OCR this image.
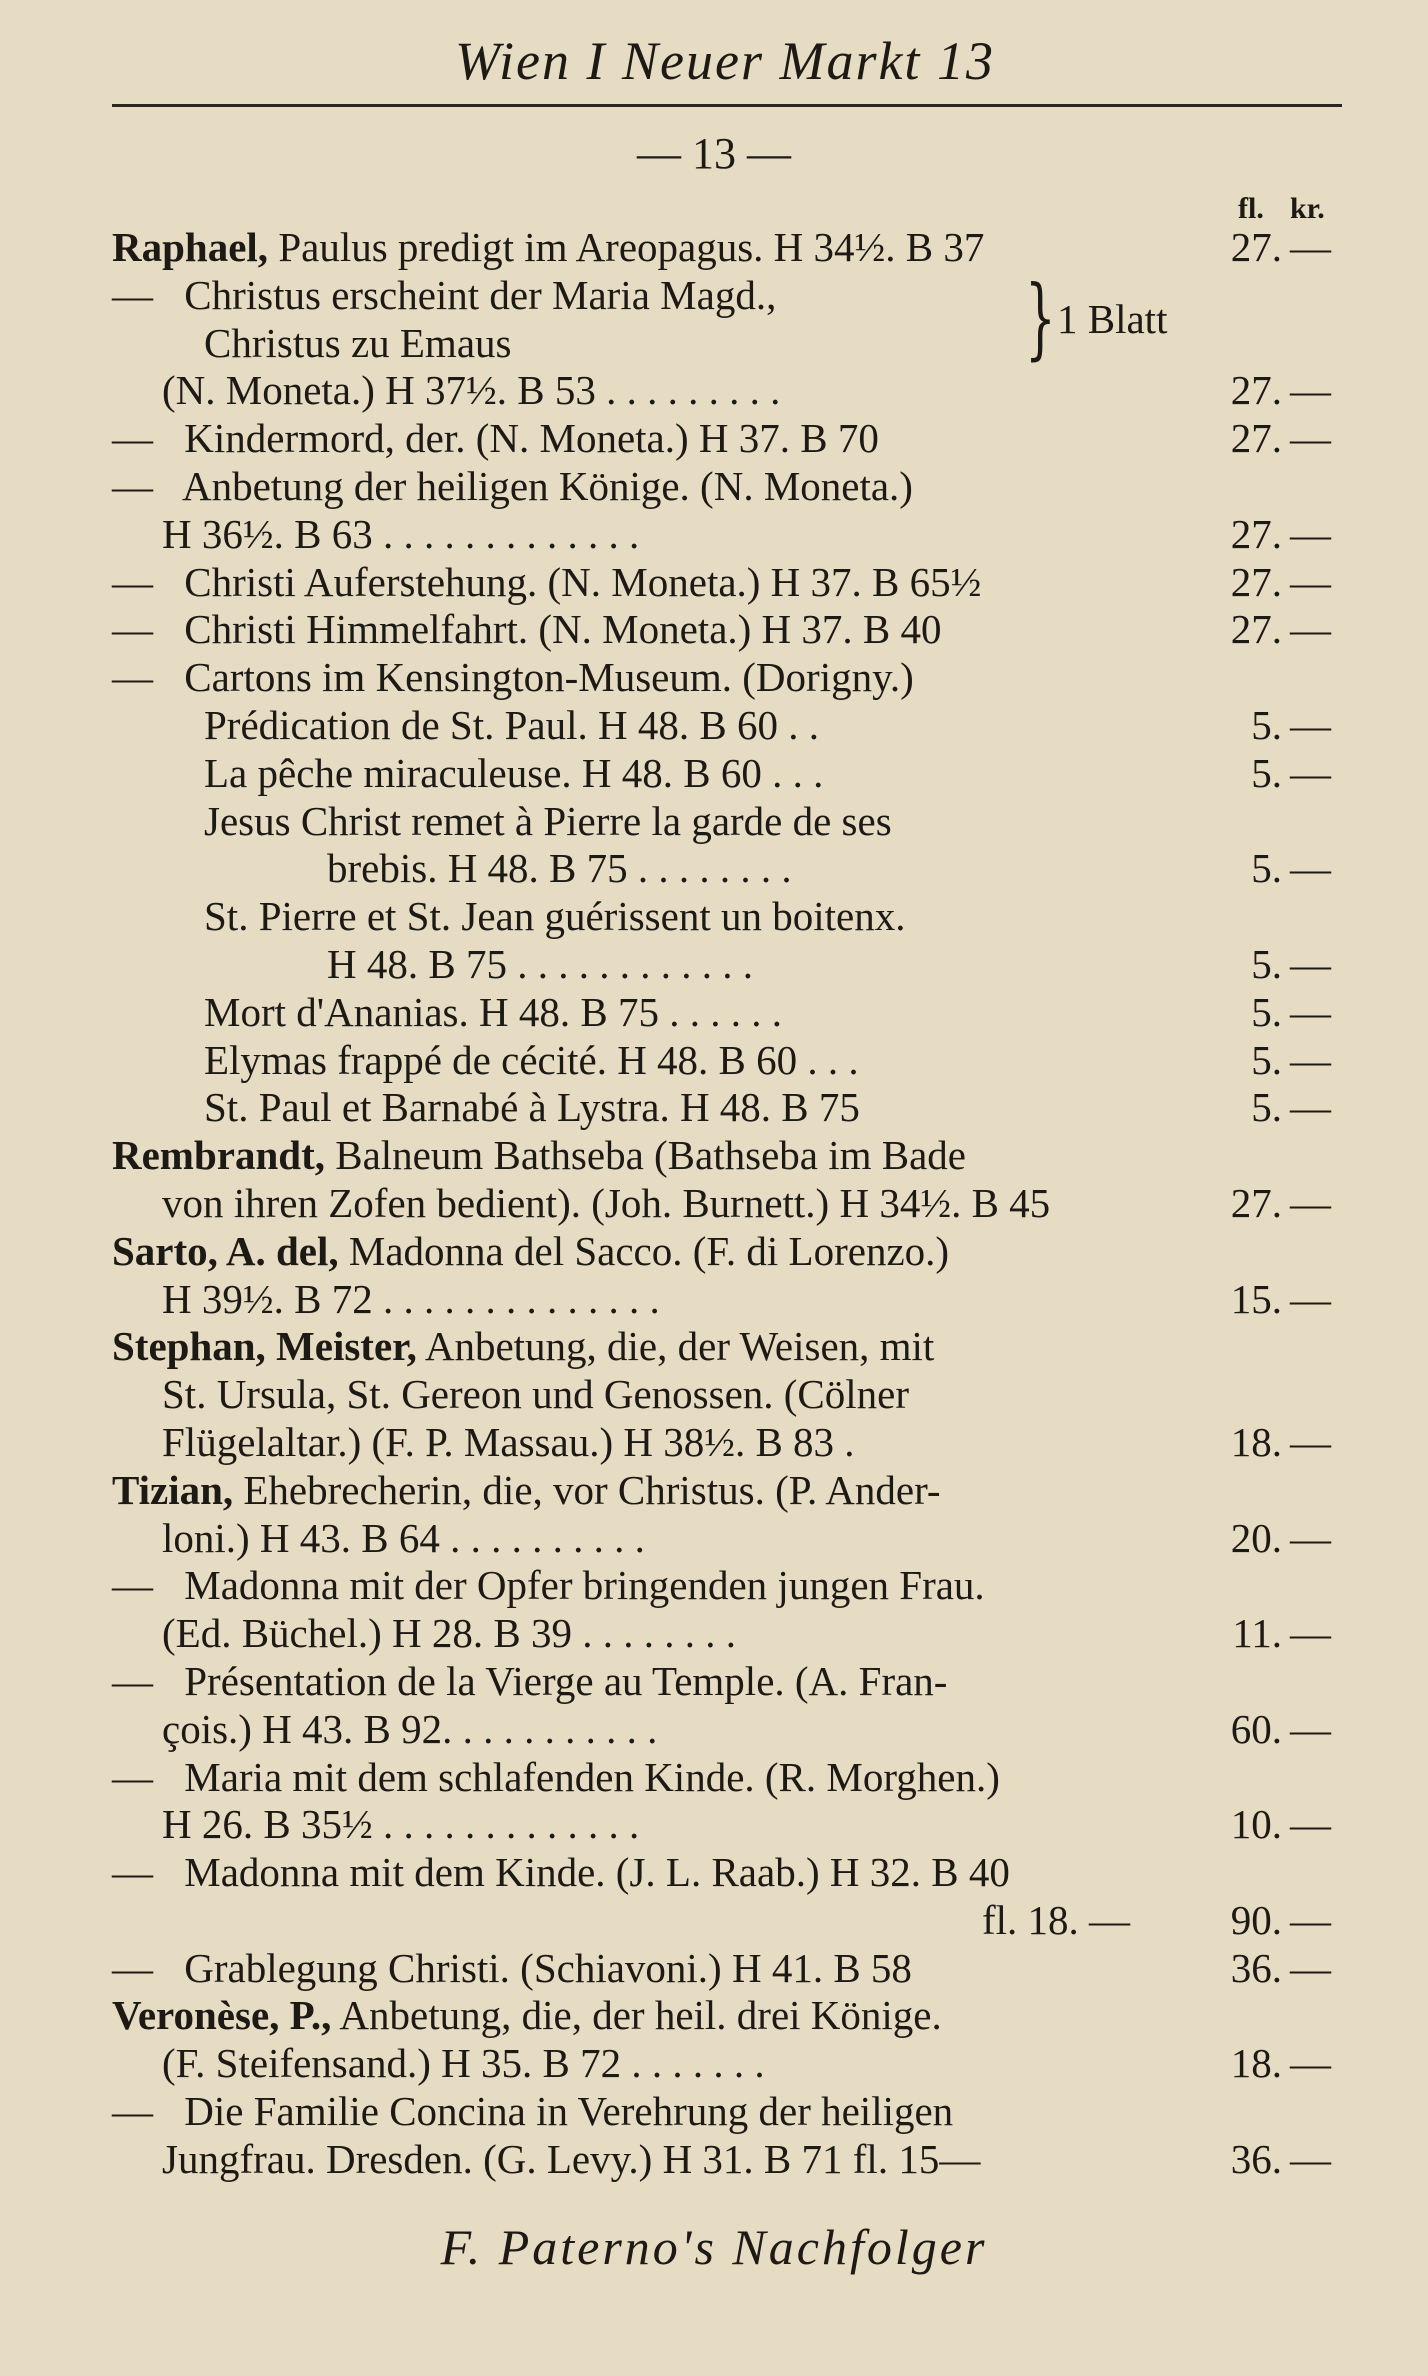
Wien I Neuer Markt 13
— 13 —
fl. kr.
Raphael, Paulus predigt im Areopagus. H 34½. B 37	27. —
— Christus erscheint der Maria Magd.,	} 1 Blatt
Christus zu Emaus
(N. Moneta.) H 37½. B 53 . . . . . . . . .	27. —
— Kindermord, der. (N. Moneta.) H 37. B 70	27. —
— Anbetung der heiligen Könige. (N. Moneta.)
H 36½. B 63 . . . . . . . . . . . . .	27. —
— Christi Auferstehung. (N. Moneta.) H 37. B 65½	27. —
— Christi Himmelfahrt. (N. Moneta.) H 37. B 40	27. —
— Cartons im Kensington-Museum. (Dorigny.)
Prédication de St. Paul. H 48. B 60 . .	5. —
La pêche miraculeuse. H 48. B 60 . . .	5. —
Jesus Christ remet à Pierre la garde de ses
brebis. H 48. B 75 . . . . . . . .	5. —
St. Pierre et St. Jean guérissent un boitenx.
H 48. B 75 . . . . . . . . . . . .	5. —
Mort d'Ananias. H 48. B 75 . . . . . .	5. —
Elymas frappé de cécité. H 48. B 60 . . .	5. —
St. Paul et Barnabé à Lystra. H 48. B 75	5. —
Rembrandt, Balneum Bathseba (Bathseba im Bade
von ihren Zofen bedient). (Joh. Burnett.) H 34½. B 45	27. —
Sarto, A. del, Madonna del Sacco. (F. di Lorenzo.)
H 39½. B 72 . . . . . . . . . . . . . .	15. —
Stephan, Meister, Anbetung, die, der Weisen, mit
St. Ursula, St. Gereon und Genossen. (Cölner
Flügelaltar.) (F. P. Massau.) H 38½. B 83 .	18. —
Tizian, Ehebrecherin, die, vor Christus. (P. Ander-
loni.) H 43. B 64 . . . . . . . . . .	20. —
— Madonna mit der Opfer bringenden jungen Frau.
(Ed. Büchel.) H 28. B 39 . . . . . . . .	11. —
— Présentation de la Vierge au Temple. (A. Fran-
çois.) H 43. B 92. . . . . . . . . . .	60. —
— Maria mit dem schlafenden Kinde. (R. Morghen.)
H 26. B 35½ . . . . . . . . . . . . .	10. —
— Madonna mit dem Kinde. (J. L. Raab.) H 32. B 40
fl. 18. —	90. —
— Grablegung Christi. (Schiavoni.) H 41. B 58	36. —
Veronèse, P., Anbetung, die, der heil. drei Könige.
(F. Steifensand.) H 35. B 72 . . . . . . .	18. —
— Die Familie Concina in Verehrung der heiligen
Jungfrau. Dresden. (G. Levy.) H 31. B 71 fl. 15—	36. —
F. Paterno's Nachfolger
